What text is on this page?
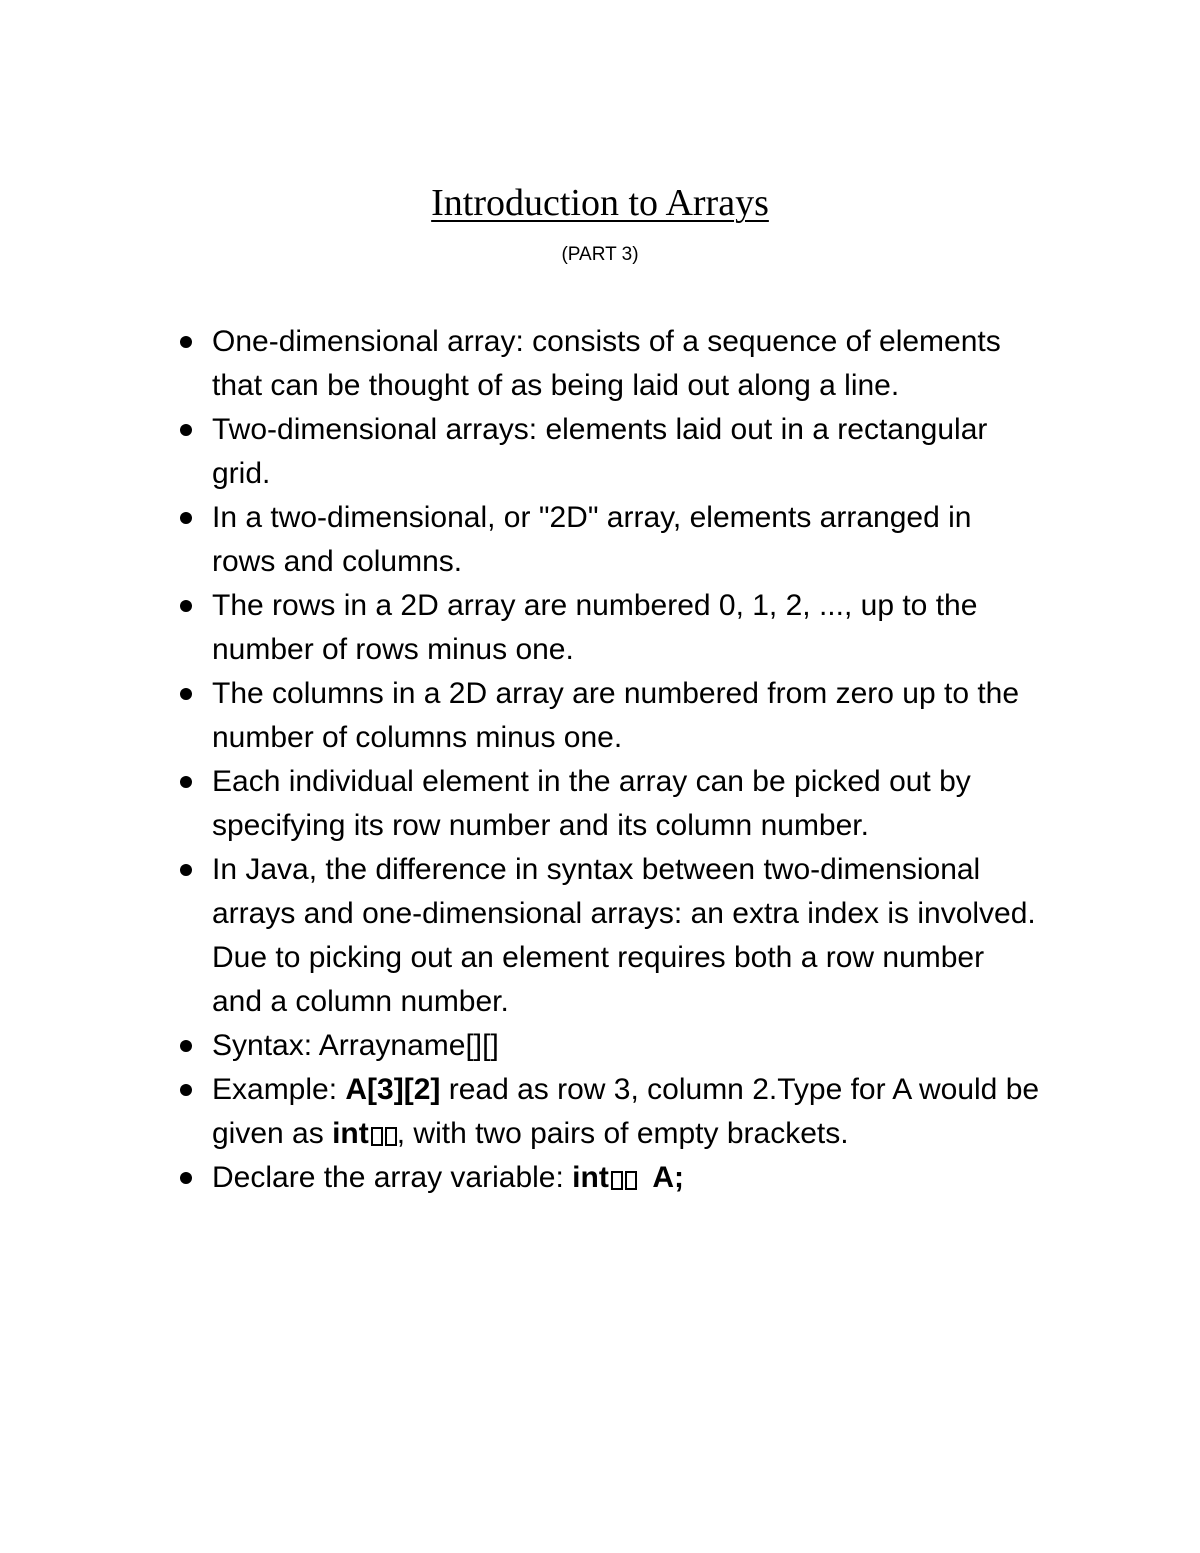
Introduction to Arrays

(PART 3)

One-dimensional array: consists of a sequence of elements that can be thought of as being laid out along a line.
Two-dimensional arrays: elements laid out in a rectangular grid.
In a two-dimensional, or "2D" array, elements arranged in rows and columns.
The rows in a 2D array are numbered 0, 1, 2, ..., up to the number of rows minus one.
The columns in a 2D array are numbered from zero up to the number of columns minus one.
Each individual element in the array can be picked out by specifying its row number and its column number.
In Java, the difference in syntax between two-dimensional arrays and one-dimensional arrays: an extra index is involved. Due to picking out an element requires both a row number and a column number.
Syntax: Arrayname[][]
Example: A[3][2] read as row 3, column 2.Type for A would be given as int , with two pairs of empty brackets.
Declare the array variable: int A;
